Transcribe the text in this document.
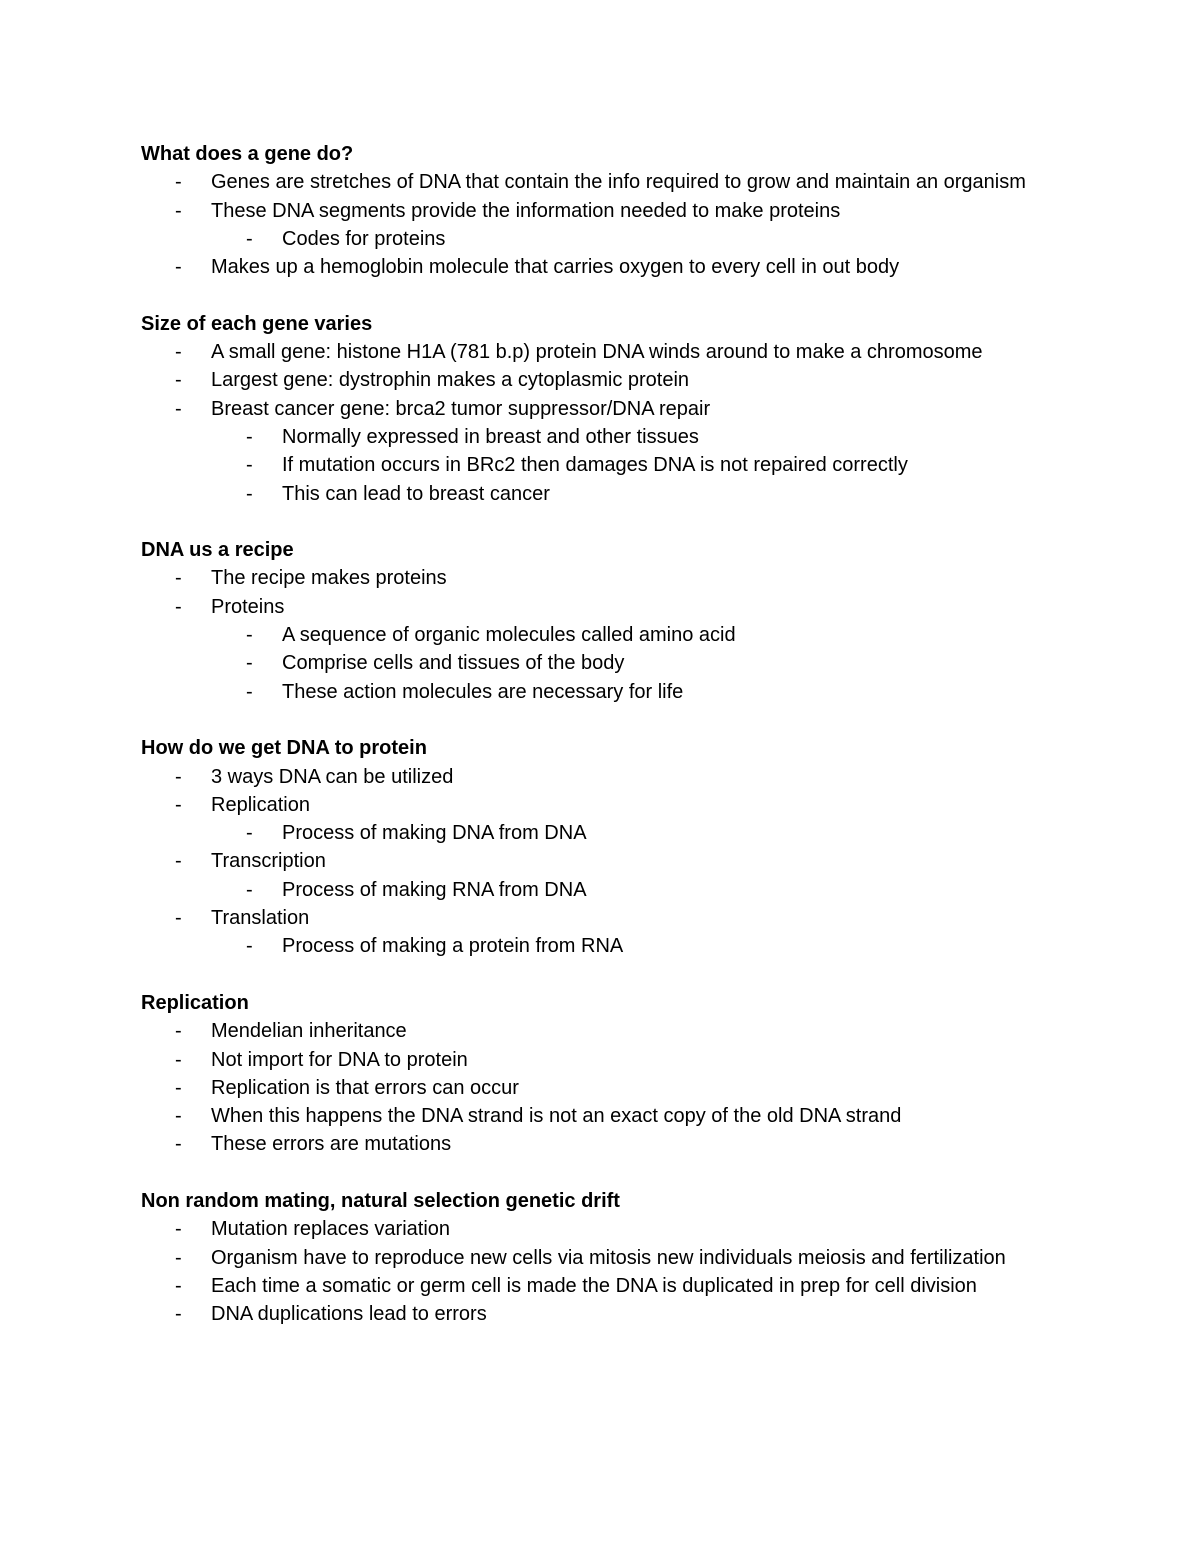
What does a gene do?
- Genes are stretches of DNA that contain the info required to grow and maintain an organism
- These DNA segments provide the information needed to make proteins
- Codes for proteins
- Makes up a hemoglobin molecule that carries oxygen to every cell in out body
Size of each gene varies
- A small gene: histone H1A (781 b.p) protein DNA winds around to make a chromosome
- Largest gene: dystrophin makes a cytoplasmic protein
- Breast cancer gene: brca2 tumor suppressor/DNA repair
- Normally expressed in breast and other tissues
- If mutation occurs in BRc2 then damages DNA is not repaired correctly
- This can lead to breast cancer
DNA us a recipe
- The recipe makes proteins
- Proteins
- A sequence of organic molecules called amino acid
- Comprise cells and tissues of the body
- These action molecules are necessary for life
How do we get DNA to protein
- 3 ways DNA can be utilized
- Replication
- Process of making DNA from DNA
- Transcription
- Process of making RNA from DNA
- Translation
- Process of making a protein from RNA
Replication
- Mendelian inheritance
- Not import for DNA to protein
- Replication is that errors can occur
- When this happens the DNA strand is not an exact copy of the old DNA strand
- These errors are mutations
Non random mating, natural selection genetic drift
- Mutation replaces variation
- Organism have to reproduce new cells via mitosis new individuals meiosis and fertilization
- Each time a somatic or germ cell is made the DNA is duplicated in prep for cell division
- DNA duplications lead to errors
